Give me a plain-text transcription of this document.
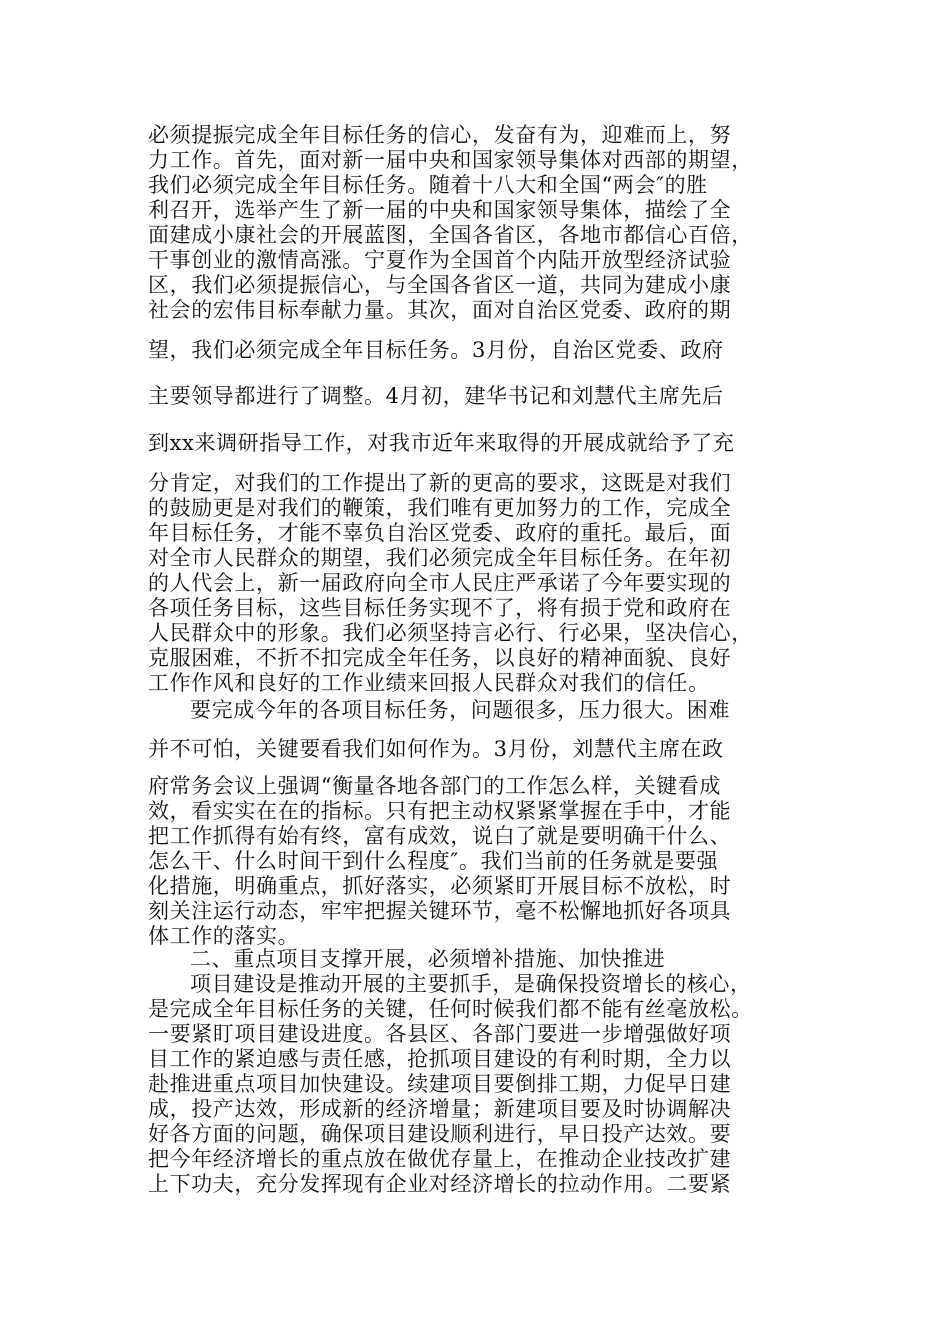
必须提振完成全年目标任务的信心，发奋有为，迎难而上，努
力工作。首先，面对新一届中央和国家领导集体对西部的期望，
我们必须完成全年目标任务。随着十八大和全国“两会″的胜
利召开，选举产生了新一届的中央和国家领导集体，描绘了全
面建成小康社会的开展蓝图，全国各省区，各地市都信心百倍，
干事创业的激情高涨。宁夏作为全国首个内陆开放型经济试验
区，我们必须提振信心，与全国各省区一道，共同为建成小康
社会的宏伟目标奉献力量。其次，面对自治区党委、政府的期
望，我们必须完成全年目标任务。3月份，自治区党委、政府
主要领导都进行了调整。4月初，建华书记和刘慧代主席先后
到xx来调研指导工作，对我市近年来取得的开展成就给予了充
分肯定，对我们的工作提出了新的更高的要求，这既是对我们
的鼓励更是对我们的鞭策，我们唯有更加努力的工作，完成全
年目标任务，才能不辜负自治区党委、政府的重托。最后，面
对全市人民群众的期望，我们必须完成全年目标任务。在年初
的人代会上，新一届政府向全市人民庄严承诺了今年要实现的
各项任务目标，这些目标任务实现不了，将有损于党和政府在
人民群众中的形象。我们必须坚持言必行、行必果，坚决信心，
克服困难，不折不扣完成全年任务，以良好的精神面貌、良好
工作作风和良好的工作业绩来回报人民群众对我们的信任。
要完成今年的各项目标任务，问题很多，压力很大。困难
并不可怕，关键要看我们如何作为。3月份，刘慧代主席在政
府常务会议上强调“衡量各地各部门的工作怎么样，关键看成
效，看实实在在的指标。只有把主动权紧紧掌握在手中，才能
把工作抓得有始有终，富有成效，说白了就是要明确干什么、
怎么干、什么时间干到什么程度″。我们当前的任务就是要强
化措施，明确重点，抓好落实，必须紧盯开展目标不放松，时
刻关注运行动态，牢牢把握关键环节，毫不松懈地抓好各项具
体工作的落实。
二、重点项目支撑开展，必须增补措施、加快推进
项目建设是推动开展的主要抓手，是确保投资增长的核心，
是完成全年目标任务的关键，任何时候我们都不能有丝毫放松。
一要紧盯项目建设进度。各县区、各部门要进一步增强做好项
目工作的紧迫感与责任感，抢抓项目建设的有利时期，全力以
赴推进重点项目加快建设。续建项目要倒排工期，力促早日建
成，投产达效，形成新的经济增量；新建项目要及时协调解决
好各方面的问题，确保项目建设顺利进行，早日投产达效。要
把今年经济增长的重点放在做优存量上，在推动企业技改扩建
上下功夫，充分发挥现有企业对经济增长的拉动作用。二要紧
